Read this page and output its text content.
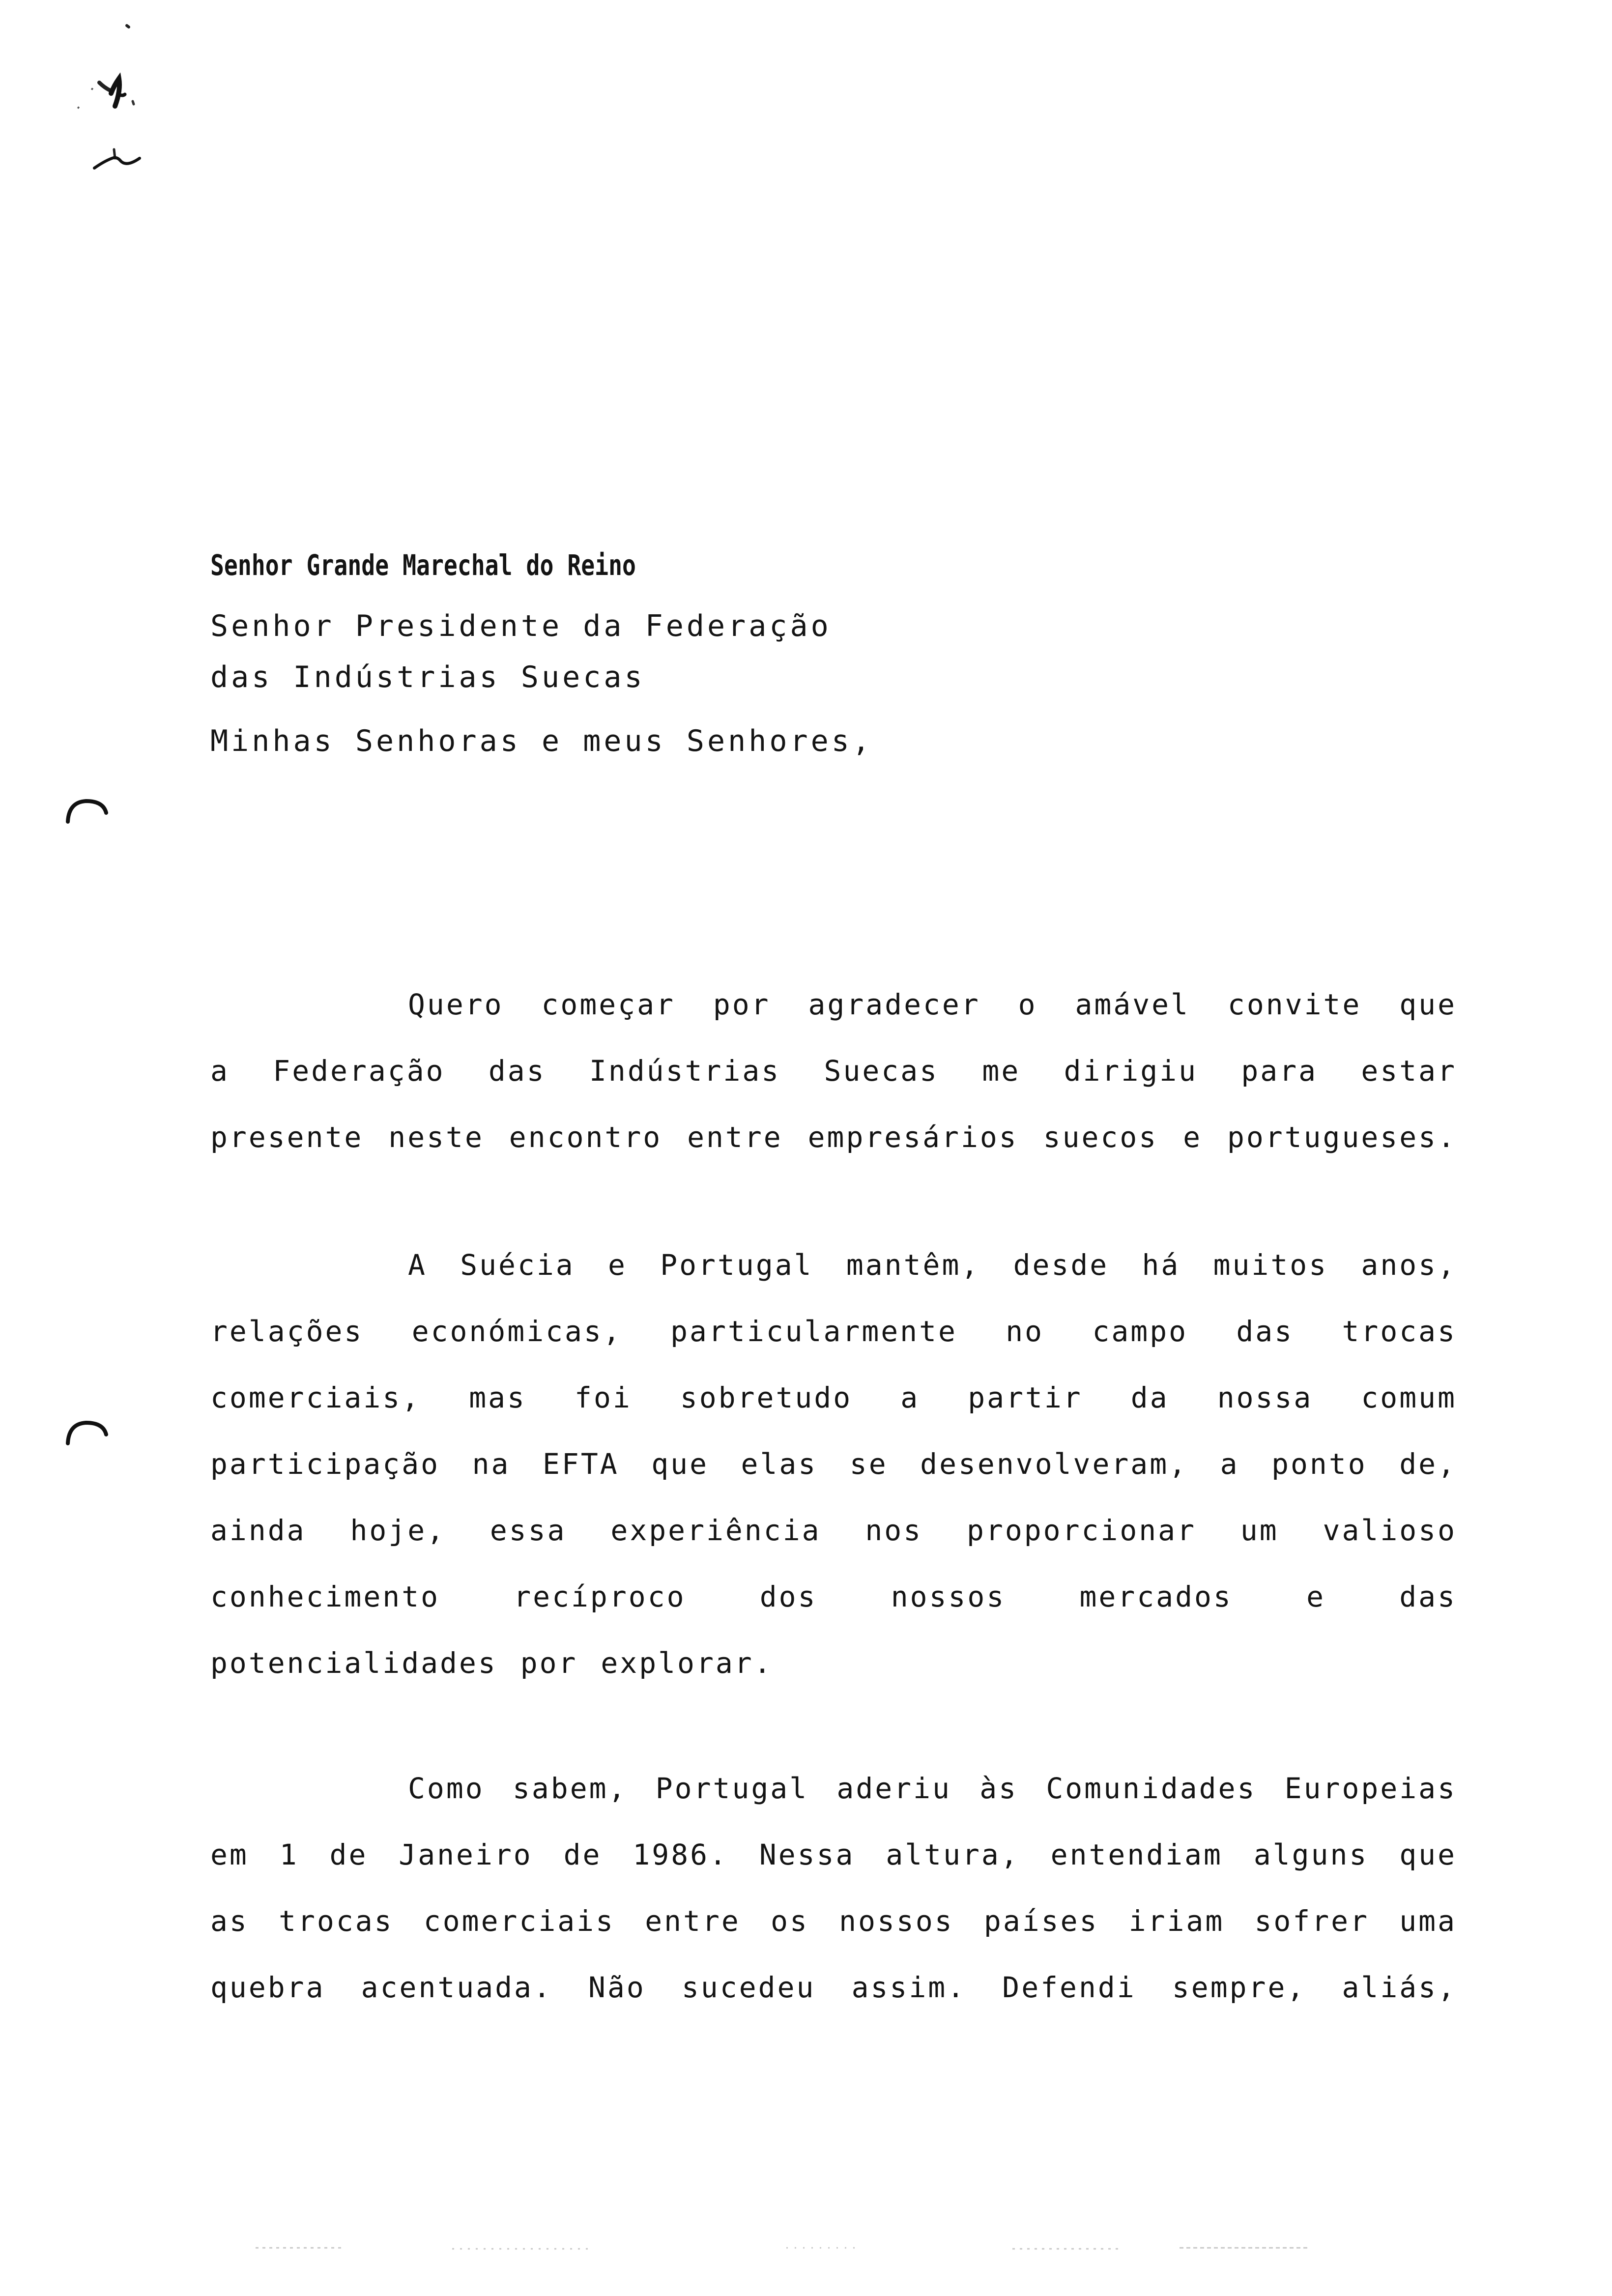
Senhor Grande Marechal do Reino
Senhor Presidente da Federação
das Indústrias Suecas
Minhas Senhoras e meus Senhores,
Quero começar por agradecer o amável convite que
a Federação das Indústrias Suecas me dirigiu para estar
presente neste encontro entre empresários suecos e portugueses.
A Suécia e Portugal mantêm, desde há muitos anos,
relações económicas, particularmente no campo das trocas
comerciais, mas foi sobretudo a partir da nossa comum
participação na EFTA que elas se desenvolveram, a ponto de,
ainda hoje, essa experiência nos proporcionar um valioso
conhecimento recíproco dos nossos mercados e das
potencialidades por explorar.
Como sabem, Portugal aderiu às Comunidades Europeias
em 1 de Janeiro de 1986. Nessa altura, entendiam alguns que
as trocas comerciais entre os nossos países iriam sofrer uma
quebra acentuada. Não sucedeu assim. Defendi sempre, aliás,
